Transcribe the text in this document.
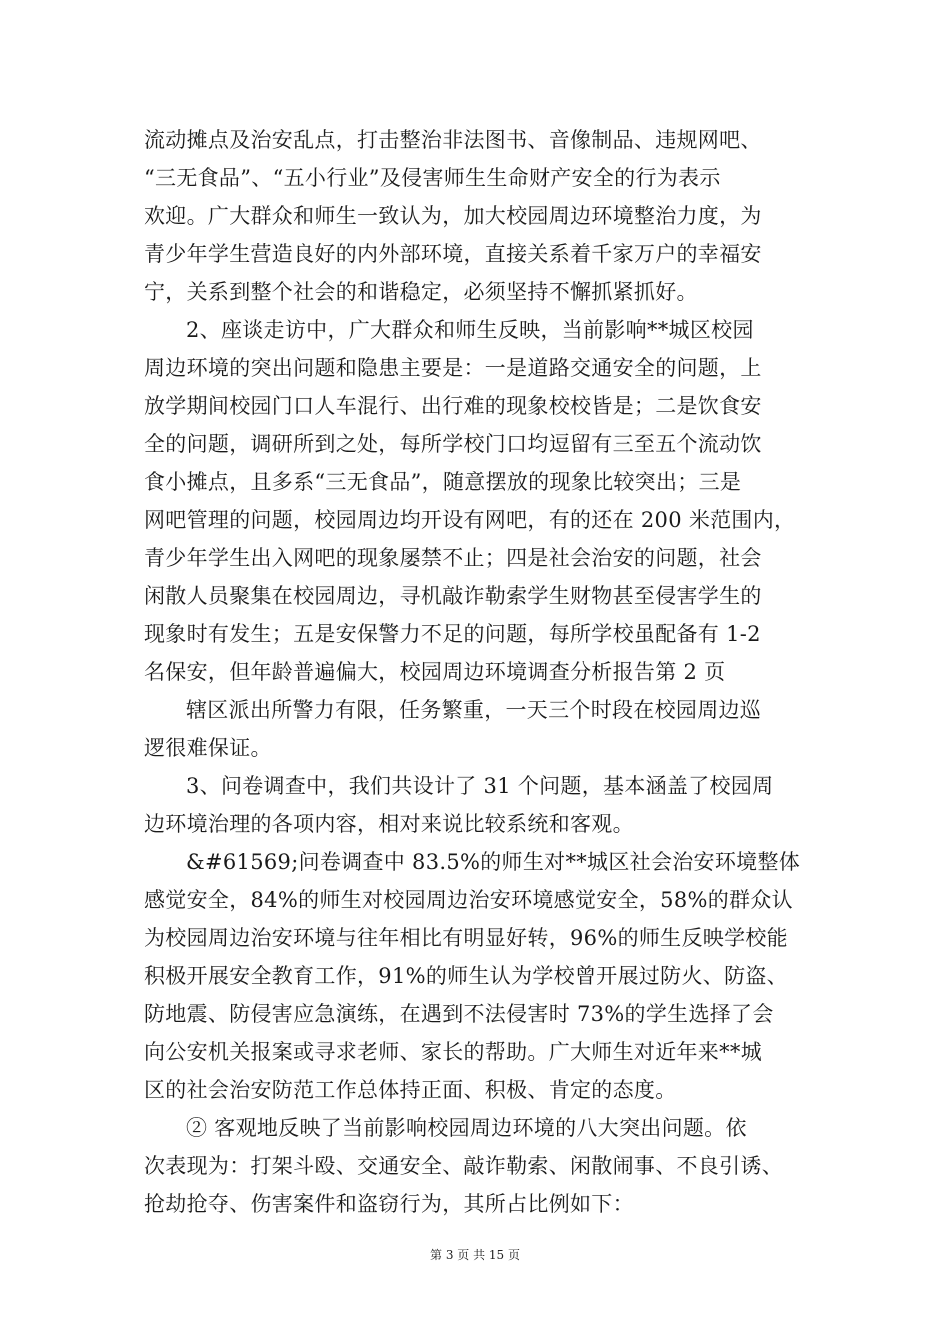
流动摊点及治安乱点，打击整治非法图书、音像制品、违规网吧、
“三无食品”、“五小行业”及侵害师生生命财产安全的行为表示
欢迎。广大群众和师生一致认为，加大校园周边环境整治力度，为
青少年学生营造良好的内外部环境，直接关系着千家万户的幸福安
宁，关系到整个社会的和谐稳定，必须坚持不懈抓紧抓好。
2、座谈走访中，广大群众和师生反映，当前影响**城区校园
周边环境的突出问题和隐患主要是：一是道路交通安全的问题，上
放学期间校园门口人车混行、出行难的现象校校皆是；二是饮食安
全的问题，调研所到之处，每所学校门口均逗留有三至五个流动饮
食小摊点，且多系“三无食品”，随意摆放的现象比较突出；三是
网吧管理的问题，校园周边均开设有网吧，有的还在 200 米范围内，
青少年学生出入网吧的现象屡禁不止；四是社会治安的问题，社会
闲散人员聚集在校园周边，寻机敲诈勒索学生财物甚至侵害学生的
现象时有发生；五是安保警力不足的问题，每所学校虽配备有 1-2
名保安，但年龄普遍偏大，校园周边环境调查分析报告第 2 页
辖区派出所警力有限，任务繁重，一天三个时段在校园周边巡
逻很难保证。
3、问卷调查中，我们共设计了 31 个问题，基本涵盖了校园周
边环境治理的各项内容，相对来说比较系统和客观。
&#61569;问卷调查中 83.5%的师生对**城区社会治安环境整体
感觉安全，84%的师生对校园周边治安环境感觉安全，58%的群众认
为校园周边治安环境与往年相比有明显好转，96%的师生反映学校能
积极开展安全教育工作，91%的师生认为学校曾开展过防火、防盗、
防地震、防侵害应急演练，在遇到不法侵害时 73%的学生选择了会
向公安机关报案或寻求老师、家长的帮助。广大师生对近年来**城
区的社会治安防范工作总体持正面、积极、肯定的态度。
② 客观地反映了当前影响校园周边环境的八大突出问题。依
次表现为：打架斗殴、交通安全、敲诈勒索、闲散闹事、不良引诱、
抢劫抢夺、伤害案件和盗窃行为，其所占比例如下：
第 3 页 共 15 页
